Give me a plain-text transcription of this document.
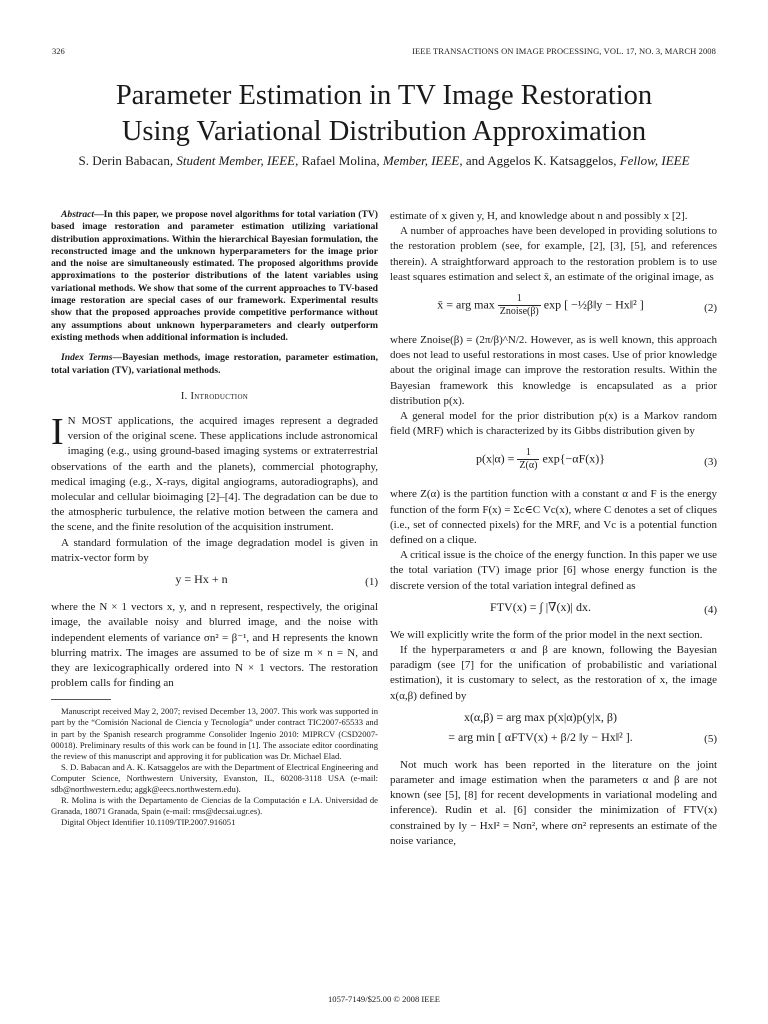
326	IEEE TRANSACTIONS ON IMAGE PROCESSING, VOL. 17, NO. 3, MARCH 2008
Parameter Estimation in TV Image Restoration
Using Variational Distribution Approximation
S. Derin Babacan, Student Member, IEEE, Rafael Molina, Member, IEEE, and Aggelos K. Katsaggelos, Fellow, IEEE

Abstract—In this paper, we propose novel algorithms for total variation (TV) based image restoration and parameter estimation utilizing variational distribution approximations. Within the hierarchical Bayesian formulation, the reconstructed image and the unknown hyperparameters for the image prior and the noise are simultaneously estimated. The proposed algorithms provide approximations to the posterior distributions of the latent variables using variational methods. We show that some of the current approaches to TV-based image restoration are special cases of our framework. Experimental results show that the proposed approaches provide competitive performance without any assumptions about unknown hyperparameters and clearly outperform existing methods when additional information is included.

Index Terms—Bayesian methods, image restoration, parameter estimation, total variation (TV), variational methods.

I. Introduction

I N MOST applications, the acquired images represent a degraded version of the original scene. These applications include astronomical imaging (e.g., using ground-based imaging systems or extraterrestrial observations of the earth and the planets), commercial photography, medical imaging (e.g., X-rays, digital angiograms, autoradiographs), and molecular and cellular bioimaging [2]–[4]. The degradation can be due to the atmospheric turbulence, the relative motion between the camera and the scene, and the finite resolution of the acquisition instrument.

A standard formulation of the image degradation model is given in matrix-vector form by

y = Hx + n	(1)

where the N × 1 vectors x, y, and n represent, respectively, the original image, the available noisy and blurred image, and the noise with independent elements of variance σn² = β⁻¹, and H represents the known blurring matrix. The images are assumed to be of size m × n = N, and they are lexicographically ordered into N × 1 vectors. The restoration problem calls for finding an

Manuscript received May 2, 2007; revised December 13, 2007. This work was supported in part by the “Comisión Nacional de Ciencia y Tecnología” under contract TIC2007-65533 and in part by the Spanish research programme Consolider Ingenio 2010: MIPRCV (CSD2007-00018). Preliminary results of this work can be found in [1]. The associate editor coordinating the review of this manuscript and approving it for publication was Dr. Michael Elad.

S. D. Babacan and A. K. Katsaggelos are with the Department of Electrical Engineering and Computer Science, Northwestern University, Evanston, IL, 60208-3118 USA (e-mail: sdb@northwestern.edu; aggk@eecs.northwestern.edu).

R. Molina is with the Departamento de Ciencias de la Computación e I.A. Universidad de Granada, 18071 Granada, Spain (e-mail: rms@decsai.ugr.es).

Digital Object Identifier 10.1109/TIP.2007.916051

estimate of x given y, H, and knowledge about n and possibly x [2].

A number of approaches have been developed in providing solutions to the restoration problem (see, for example, [2], [3], [5], and references therein). A straightforward approach to the restoration problem is to use least squares estimation and select x̄, an estimate of the original image, as

x̄ = arg $\max \frac{1}{\text{Znoise(β)}}$ exp [ −½β‖y − Hx‖² ]	(2)

where Znoise(β) = (2π/β)^N/2. However, as is well known, this approach does not lead to useful restorations in most cases. Use of prior knowledge about the original image can improve the restoration results. Within the Bayesian framework this knowledge is encapsulated as a prior distribution p(x).

A general model for the prior distribution p(x) is a Markov random field (MRF) which is characterized by its Gibbs distribution given by

$p(x|\alpha) = \frac{1}{Z(\alpha)} \exp\{-\alpha F(x)\}$	(3)

where Z(α) is the partition function with a constant α and F is the energy function of the form F(x) = Σc∈C Vc(x), where C denotes a set of cliques (i.e., set of connected pixels) for the MRF, and Vc is a potential function defined on a clique.

A critical issue is the choice of the energy function. In this paper we use the total variation (TV) image prior [6] whose energy function is the discrete version of the total variation integral defined as

FTV(x) = ∫ |∇(x)| dx.	(4)

We will explicitly write the form of the prior model in the next section.

If the hyperparameters α and β are known, following the Bayesian paradigm (see [7] for the unification of probabilistic and variational estimation), it is customary to select, as the restoration of x, the image x(α,β) defined by

x(α,β) = arg max p(x|α)p(y|x, β)
= arg min [ αFTV(x) + β/2 ‖y − Hx‖² ].	(5)

Not much work has been reported in the literature on the joint parameter and image estimation when the parameters α and β are not known (see [5], [8] for recent developments in variational modeling and inference). Rudin et al. [6] consider the minimization of FTV(x) constrained by ‖y − Hx‖² = Nσn², where σn² represents an estimate of the noise variance,

1057-7149/$25.00 © 2008 IEEE
